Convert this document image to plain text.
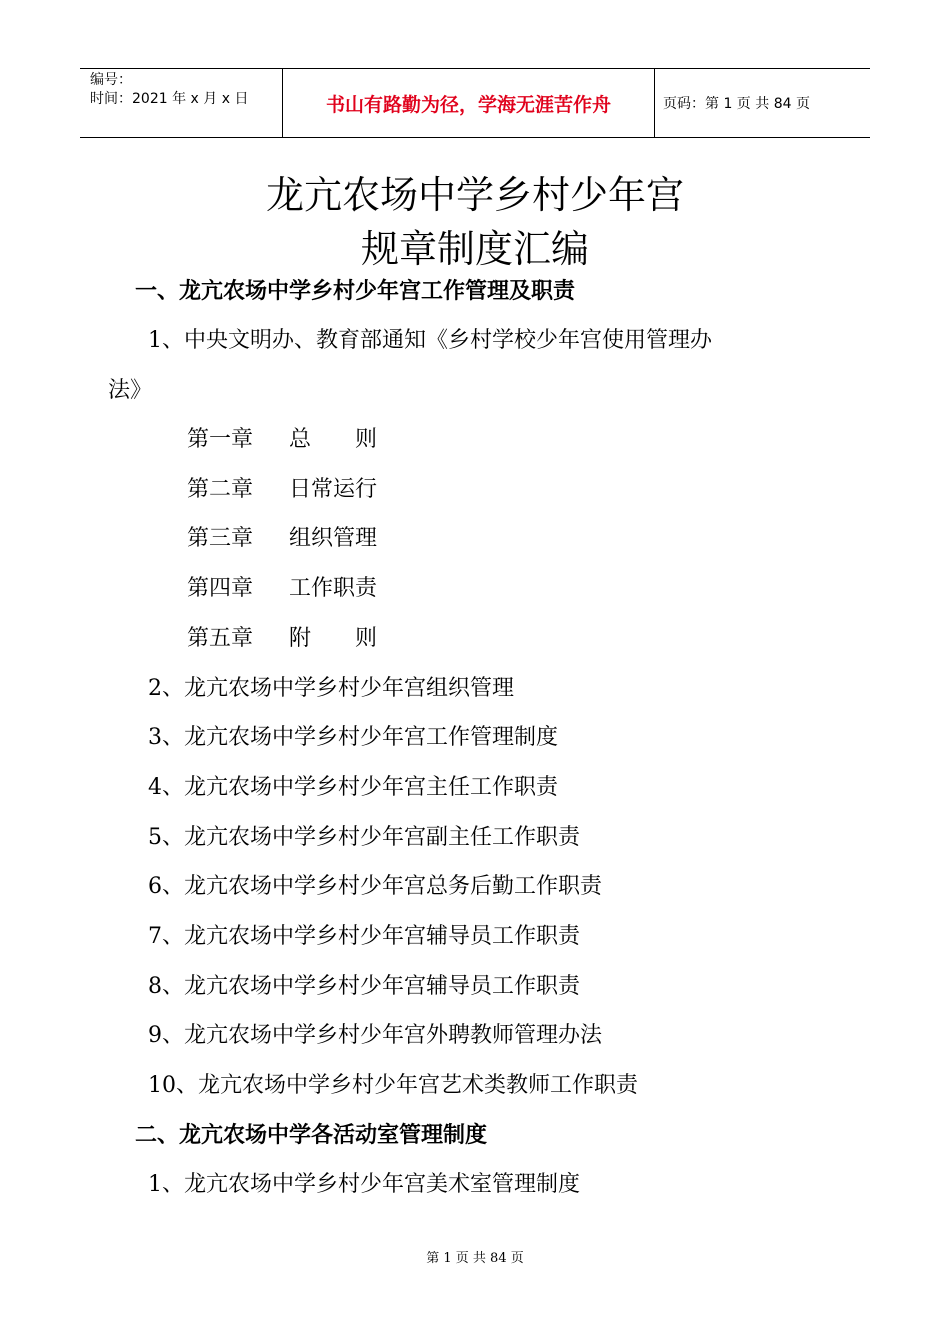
编号：
时间：2021 年 x 月 x 日	书山有路勤为径，学海无涯苦作舟	页码：第 1 页 共 84 页
龙亢农场中学乡村少年宫
规章制度汇编
一、龙亢农场中学乡村少年宫工作管理及职责
1、中央文明办、教育部通知《乡村学校少年宫使用管理办
法》
第一章 总　　则
第二章 日常运行
第三章 组织管理
第四章 工作职责
第五章 附　　则
2、龙亢农场中学乡村少年宫组织管理
3、龙亢农场中学乡村少年宫工作管理制度
4、龙亢农场中学乡村少年宫主任工作职责
5、龙亢农场中学乡村少年宫副主任工作职责
6、龙亢农场中学乡村少年宫总务后勤工作职责
7、龙亢农场中学乡村少年宫辅导员工作职责
8、龙亢农场中学乡村少年宫辅导员工作职责
9、龙亢农场中学乡村少年宫外聘教师管理办法
10、龙亢农场中学乡村少年宫艺术类教师工作职责
二、龙亢农场中学各活动室管理制度
1、龙亢农场中学乡村少年宫美术室管理制度
第 1 页 共 84 页
